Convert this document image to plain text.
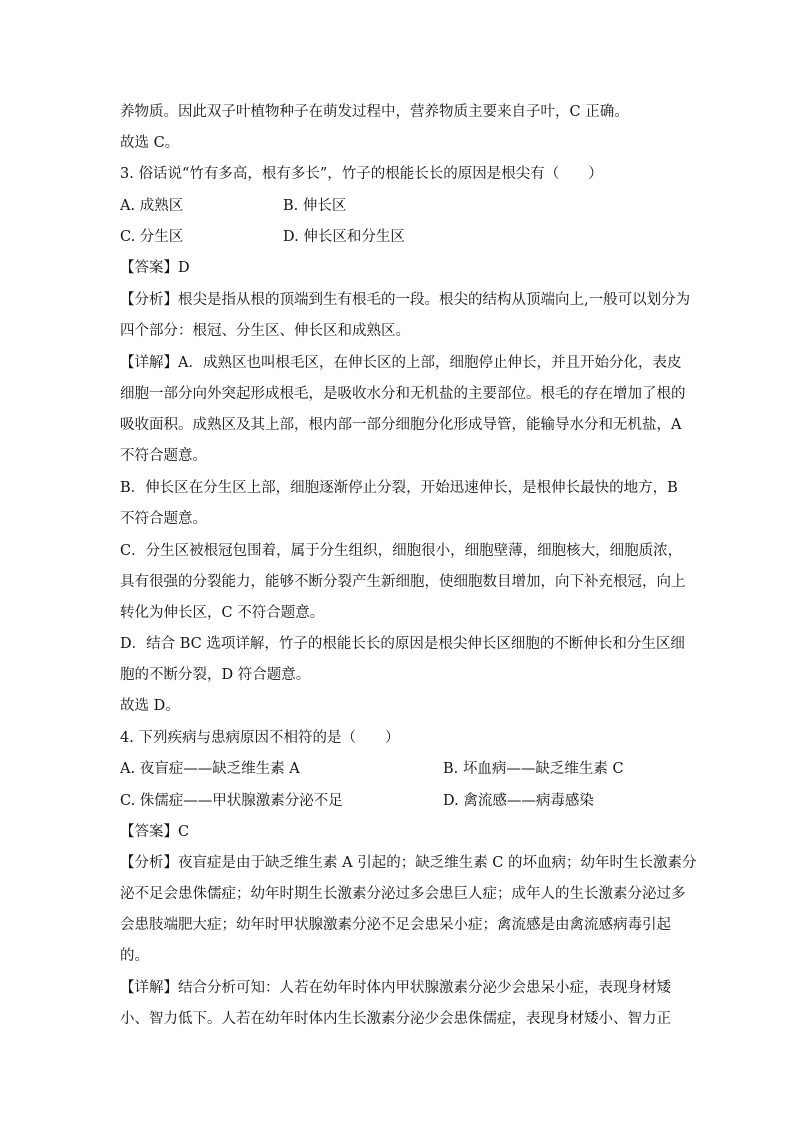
养物质。因此双子叶植物种子在萌发过程中，营养物质主要来自子叶，C 正确。
故选 C。
3. 俗话说“竹有多高，根有多长”，竹子的根能长长的原因是根尖有（　　）
A. 成熟区	B. 伸长区
C. 分生区	D. 伸长区和分生区
【答案】D
【分析】根尖是指从根的顶端到生有根毛的一段。根尖的结构从顶端向上,一般可以划分为
四个部分：根冠、分生区、伸长区和成熟区。
【详解】A．成熟区也叫根毛区，在伸长区的上部，细胞停止伸长，并且开始分化，表皮
细胞一部分向外突起形成根毛，是吸收水分和无机盐的主要部位。根毛的存在增加了根的
吸收面积。成熟区及其上部，根内部一部分细胞分化形成导管，能输导水分和无机盐，A
不符合题意。
B．伸长区在分生区上部，细胞逐渐停止分裂，开始迅速伸长，是根伸长最快的地方，B
不符合题意。
C．分生区被根冠包围着，属于分生组织，细胞很小，细胞壁薄，细胞核大，细胞质浓，
具有很强的分裂能力，能够不断分裂产生新细胞，使细胞数目增加，向下补充根冠，向上
转化为伸长区，C 不符合题意。
D．结合 BC 选项详解，竹子的根能长长的原因是根尖伸长区细胞的不断伸长和分生区细
胞的不断分裂，D 符合题意。
故选 D。
4. 下列疾病与患病原因不相符的是（　　）
A. 夜盲症——缺乏维生素 A	B. 坏血病——缺乏维生素 C
C. 侏儒症——甲状腺激素分泌不足	D. 禽流感——病毒感染
【答案】C
【分析】夜盲症是由于缺乏维生素 A 引起的；缺乏维生素 C 的坏血病；幼年时生长激素分
泌不足会患侏儒症；幼年时期生长激素分泌过多会患巨人症；成年人的生长激素分泌过多
会患肢端肥大症；幼年时甲状腺激素分泌不足会患呆小症；禽流感是由禽流感病毒引起
的。
【详解】结合分析可知：人若在幼年时体内甲状腺激素分泌少会患呆小症，表现身材矮
小、智力低下。人若在幼年时体内生长激素分泌少会患侏儒症，表现身材矮小、智力正
